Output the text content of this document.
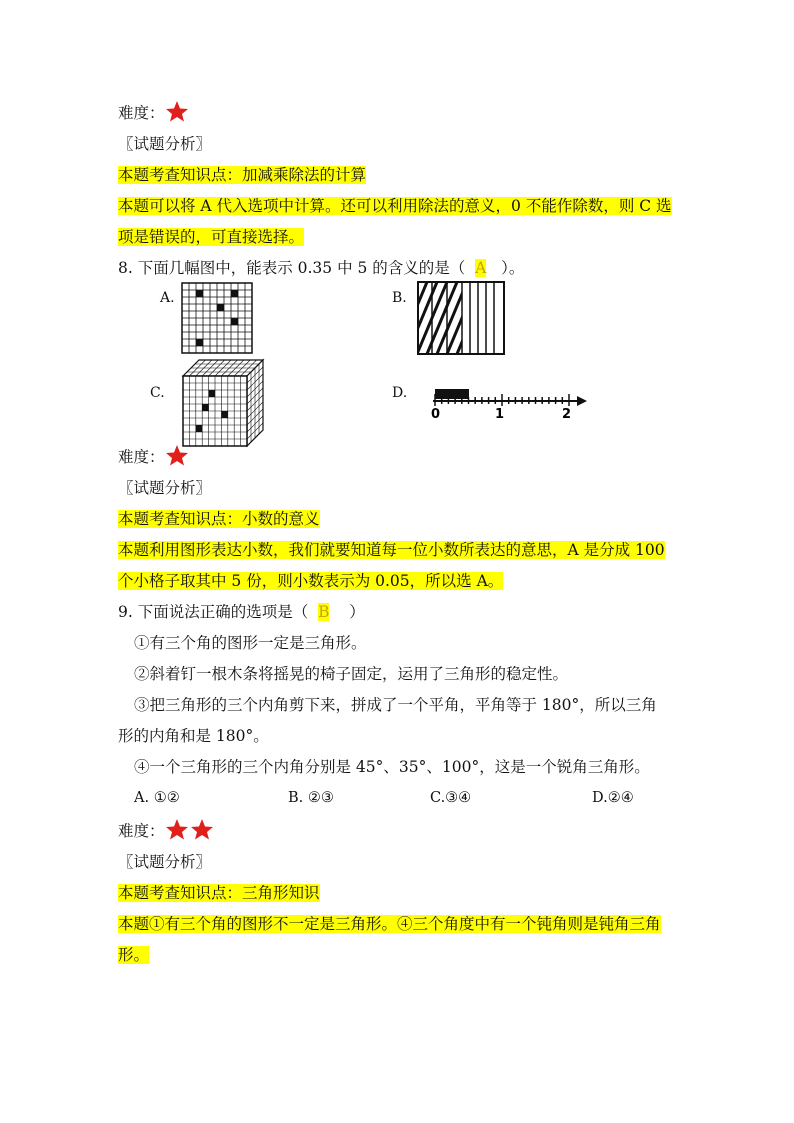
难度：
〖试题分析〗
本题考查知识点：加减乘除法的计算
本题可以将 A 代入选项中计算。还可以利用除法的意义，0 不能作除数，则 C 选
项是错误的，可直接选择。
8. 下面几幅图中，能表示 0.35 中 5 的含义的是（ A ）。
A.	B.
C.	D.
0	1	2
难度：
〖试题分析〗
本题考查知识点：小数的意义
本题利用图形表达小数，我们就要知道每一位小数所表达的意思，A 是分成 100
个小格子取其中 5 份，则小数表示为 0.05，所以选 A。
9. 下面说法正确的选项是（ B ）
①有三个角的图形一定是三角形。
②斜着钉一根木条将摇晃的椅子固定，运用了三角形的稳定性。
③把三角形的三个内角剪下来，拼成了一个平角，平角等于 180°，所以三角
形的内角和是 180°。
④一个三角形的三个内角分别是 45°、35°、100°，这是一个锐角三角形。
A. ①②	B. ②③	C.③④	D.②④
难度：
〖试题分析〗
本题考查知识点：三角形知识
本题①有三个角的图形不一定是三角形。④三个角度中有一个钝角则是钝角三角
形。
